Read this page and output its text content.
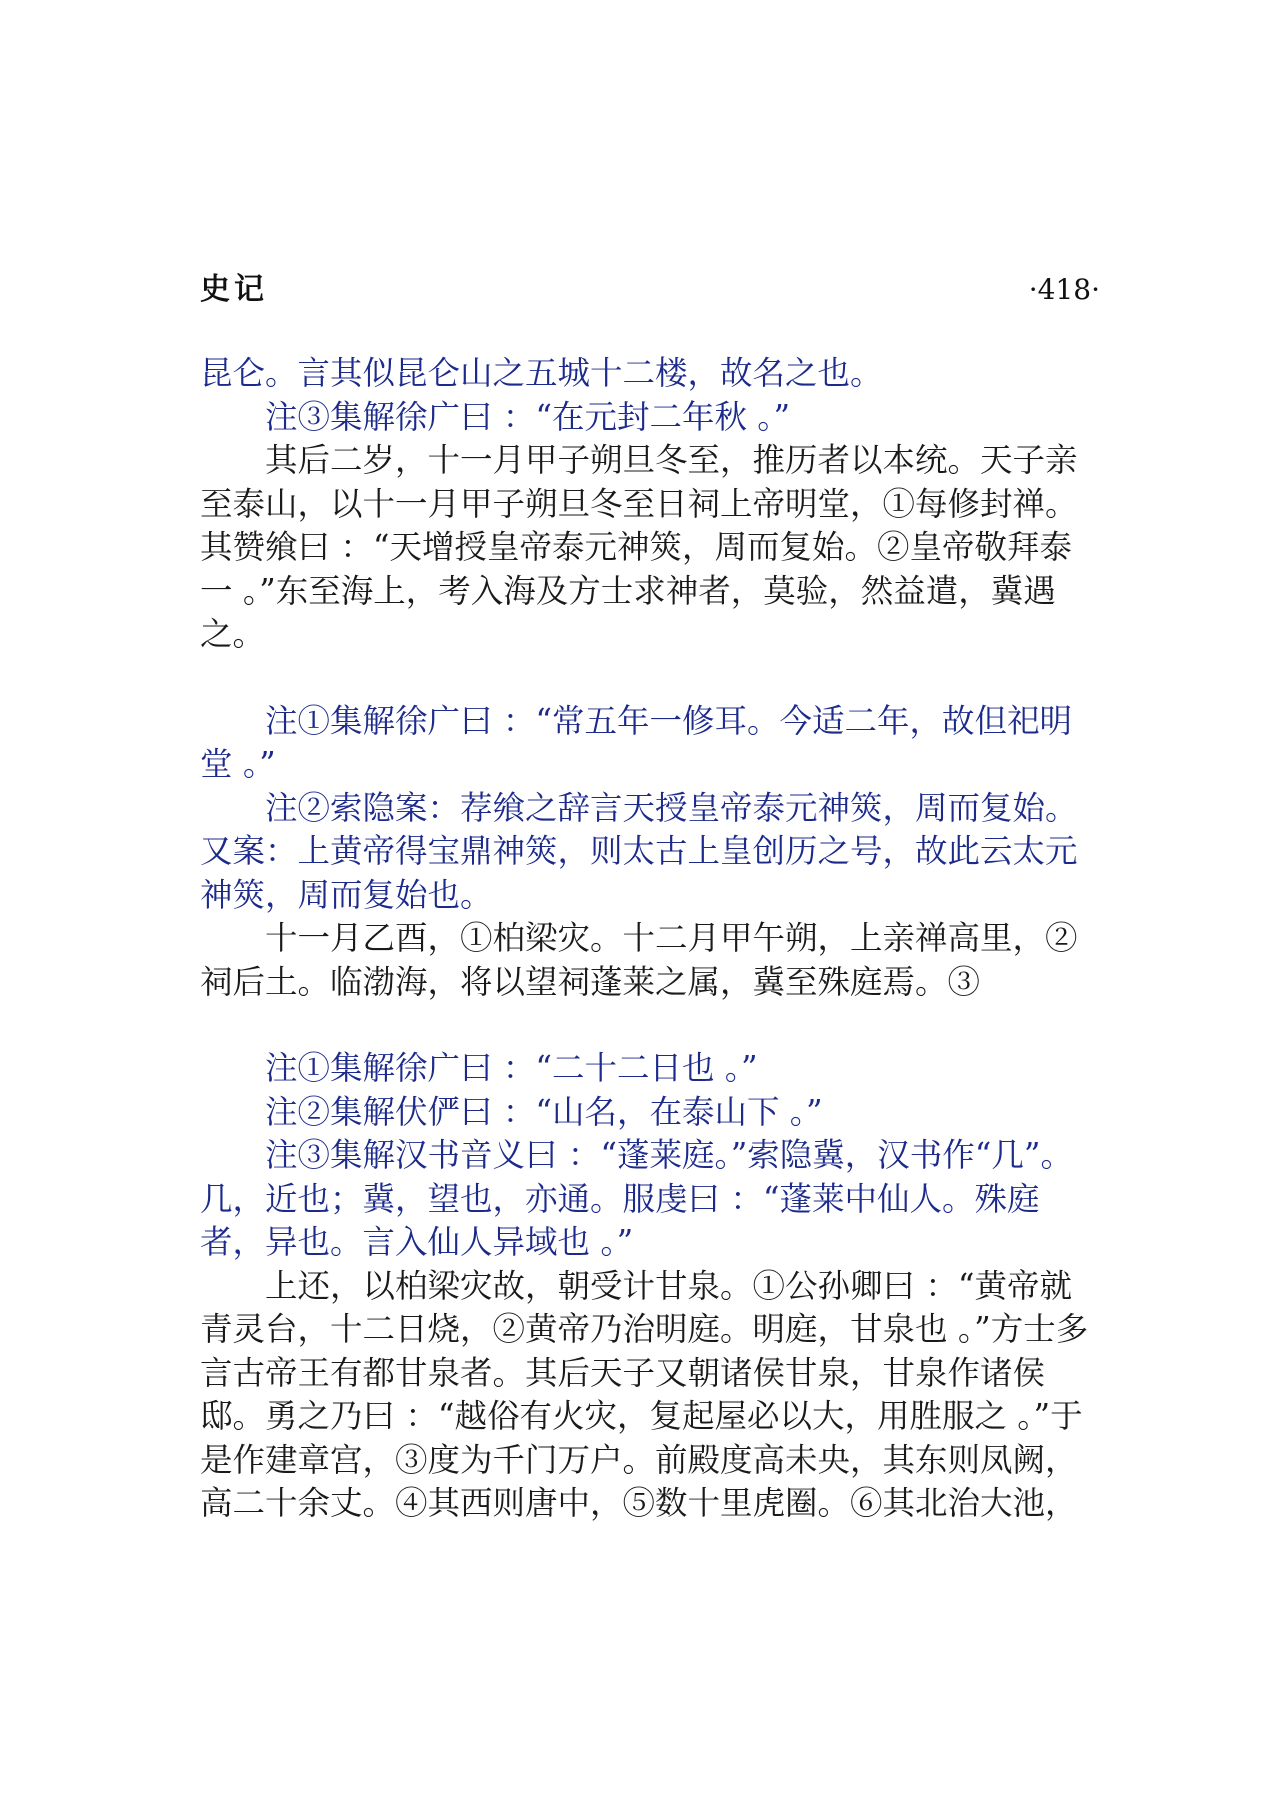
史记	·418·

昆仑。言其似昆仑山之五城十二楼，故名之也。

注③集解徐广曰 ：“在元封二年秋 。”

其后二岁，十一月甲子朔旦冬至，推历者以本统。天子亲至泰山，以十一月甲子朔旦冬至日祠上帝明堂，①每修封禅。其赞飨曰 ：“天增授皇帝泰元神筴，周而复始。②皇帝敬拜泰一 。”东至海上，考入海及方士求神者，莫验，然益遣，冀遇之。

注①集解徐广曰 ：“常五年一修耳。今适二年，故但祀明堂 。”

注②索隐案：荐飨之辞言天授皇帝泰元神筴，周而复始。又案：上黄帝得宝鼎神筴，则太古上皇创历之号，故此云太元神筴，周而复始也。

十一月乙酉，①柏梁灾。十二月甲午朔，上亲禅高里，②祠后土。临渤海，将以望祠蓬莱之属，冀至殊庭焉。③

注①集解徐广曰 ：“二十二日也 。”

注②集解伏俨曰 ：“山名，在泰山下 。”

注③集解汉书音义曰 ：“蓬莱庭。”索隐冀，汉书作“几”。几，近也；冀，望也，亦通。服虔曰 ：“蓬莱中仙人。殊庭者，异也。言入仙人异域也 。”

上还，以柏梁灾故，朝受计甘泉。①公孙卿曰 ：“黄帝就青灵台，十二日烧，②黄帝乃治明庭。明庭，甘泉也 。”方士多言古帝王有都甘泉者。其后天子又朝诸侯甘泉，甘泉作诸侯邸。勇之乃曰 ：“越俗有火灾，复起屋必以大，用胜服之 。”于是作建章宫，③度为千门万户。前殿度高未央，其东则凤阙，高二十余丈。④其西则唐中，⑤数十里虎圈。⑥其北治大池，
